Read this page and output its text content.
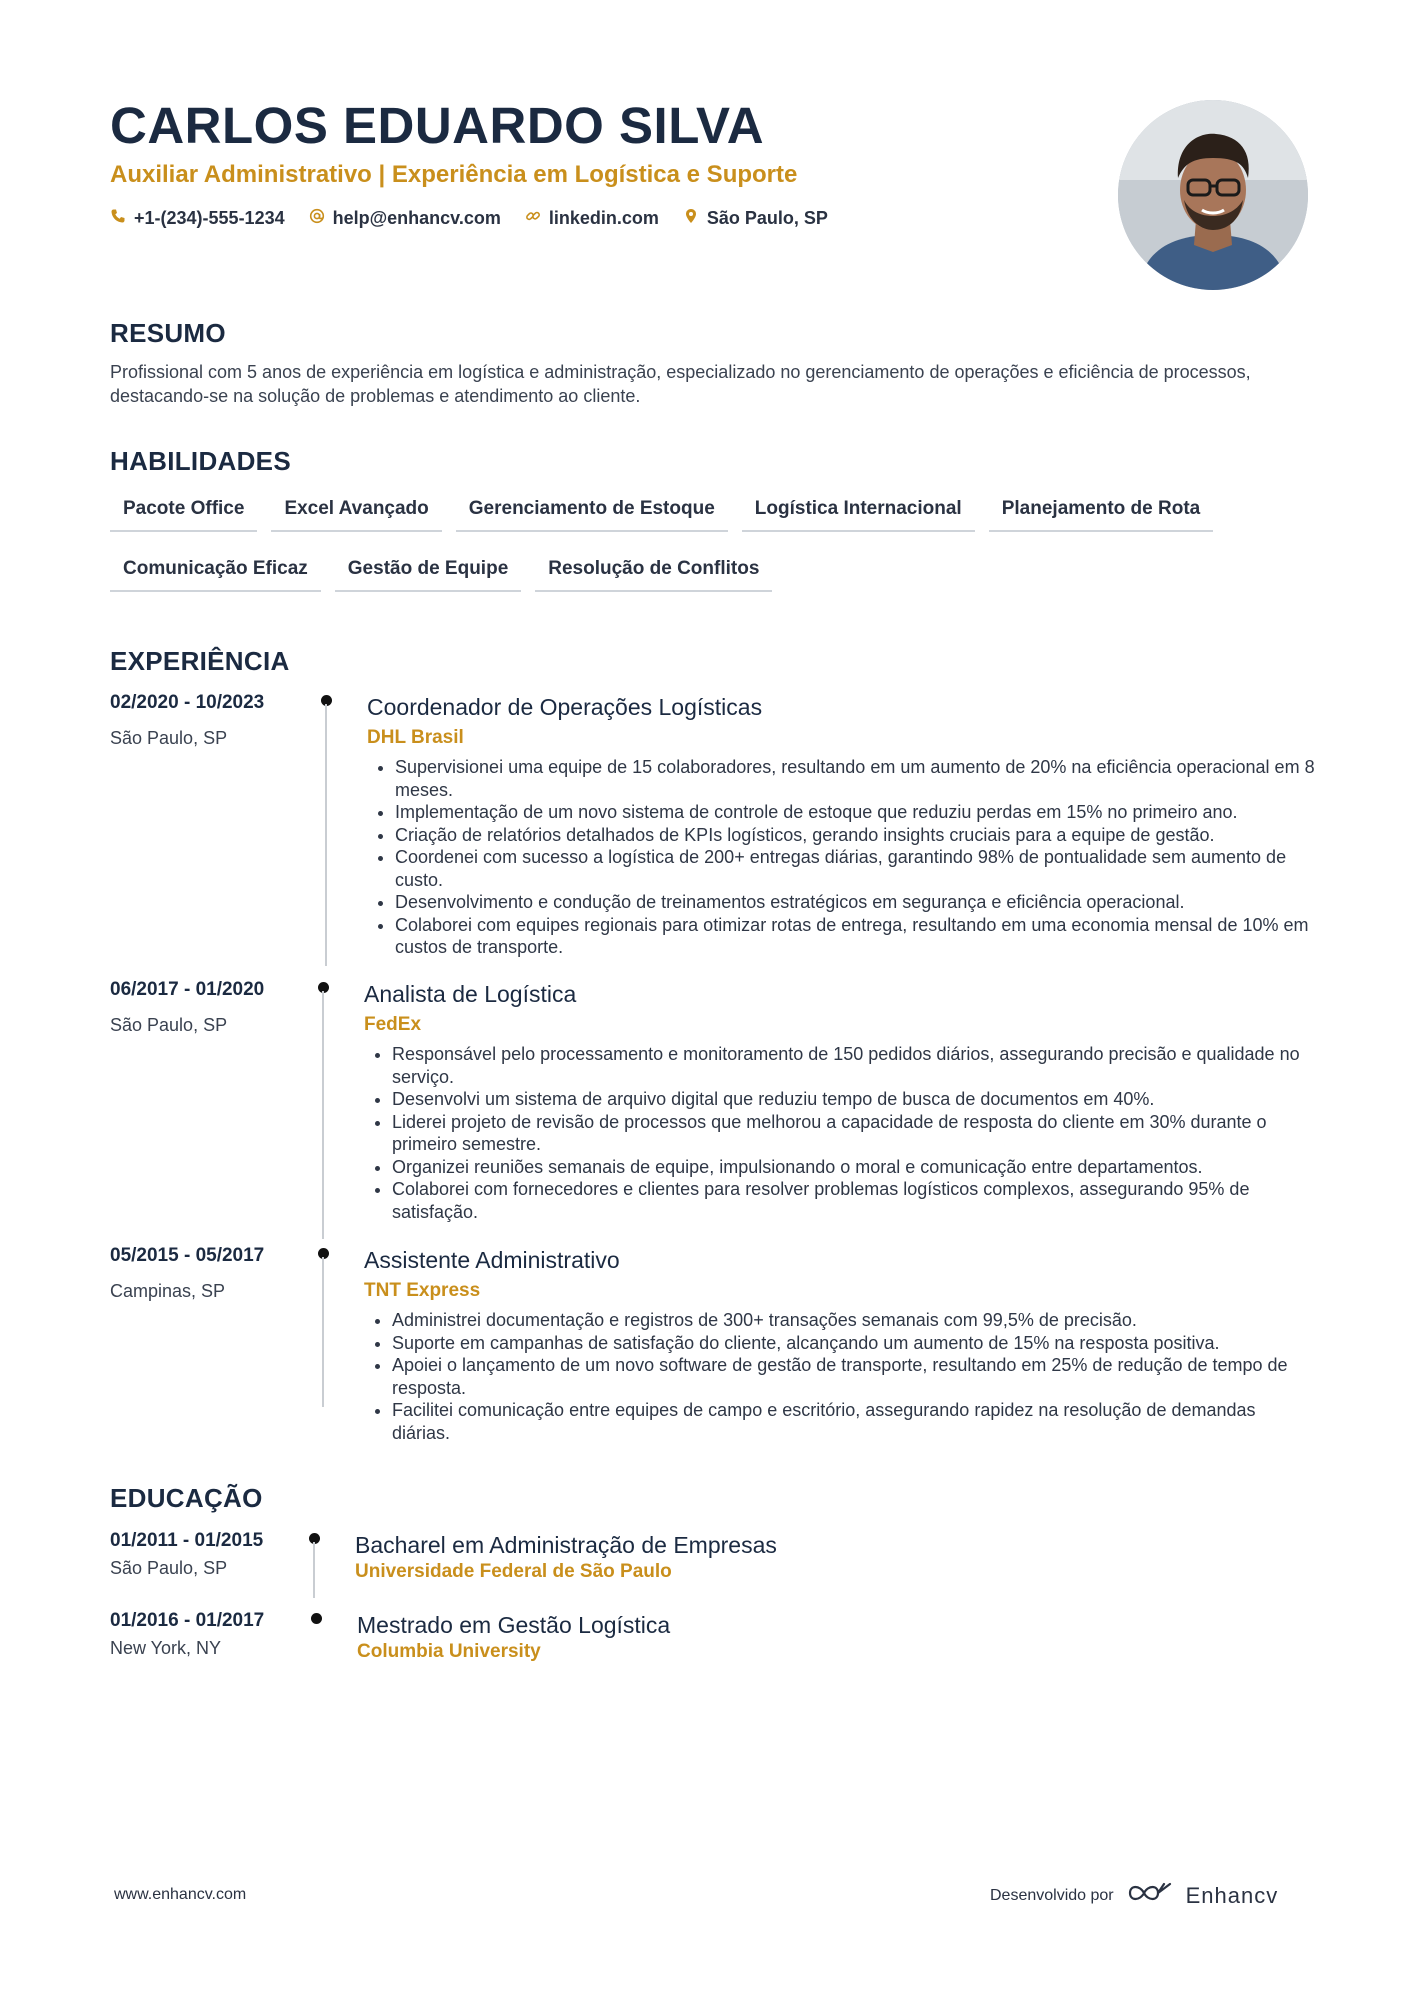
CARLOS EDUARDO SILVA
Auxiliar Administrativo | Experiência em Logística e Suporte
+1-(234)-555-1234	help@enhancv.com	linkedin.com	São Paulo, SP
RESUMO
Profissional com 5 anos de experiência em logística e administração, especializado no gerenciamento de operações e eficiência de processos, destacando-se na solução de problemas e atendimento ao cliente.
HABILIDADES
Pacote Office	Excel Avançado	Gerenciamento de Estoque	Logística Internacional	Planejamento de Rota
Comunicação Eficaz	Gestão de Equipe	Resolução de Conflitos
EXPERIÊNCIA
02/2020 - 10/2023
São Paulo, SP
Coordenador de Operações Logísticas
DHL Brasil
• Supervisionei uma equipe de 15 colaboradores, resultando em um aumento de 20% na eficiência operacional em 8 meses.
• Implementação de um novo sistema de controle de estoque que reduziu perdas em 15% no primeiro ano.
• Criação de relatórios detalhados de KPIs logísticos, gerando insights cruciais para a equipe de gestão.
• Coordenei com sucesso a logística de 200+ entregas diárias, garantindo 98% de pontualidade sem aumento de custo.
• Desenvolvimento e condução de treinamentos estratégicos em segurança e eficiência operacional.
• Colaborei com equipes regionais para otimizar rotas de entrega, resultando em uma economia mensal de 10% em custos de transporte.
06/2017 - 01/2020
São Paulo, SP
Analista de Logística
FedEx
• Responsável pelo processamento e monitoramento de 150 pedidos diários, assegurando precisão e qualidade no serviço.
• Desenvolvi um sistema de arquivo digital que reduziu tempo de busca de documentos em 40%.
• Liderei projeto de revisão de processos que melhorou a capacidade de resposta do cliente em 30% durante o primeiro semestre.
• Organizei reuniões semanais de equipe, impulsionando o moral e comunicação entre departamentos.
• Colaborei com fornecedores e clientes para resolver problemas logísticos complexos, assegurando 95% de satisfação.
05/2015 - 05/2017
Campinas, SP
Assistente Administrativo
TNT Express
• Administrei documentação e registros de 300+ transações semanais com 99,5% de precisão.
• Suporte em campanhas de satisfação do cliente, alcançando um aumento de 15% na resposta positiva.
• Apoiei o lançamento de um novo software de gestão de transporte, resultando em 25% de redução de tempo de resposta.
• Facilitei comunicação entre equipes de campo e escritório, assegurando rapidez na resolução de demandas diárias.
EDUCAÇÃO
01/2011 - 01/2015
São Paulo, SP
Bacharel em Administração de Empresas
Universidade Federal de São Paulo
01/2016 - 01/2017
New York, NY
Mestrado em Gestão Logística
Columbia University
www.enhancv.com	Desenvolvido por	Enhancv
